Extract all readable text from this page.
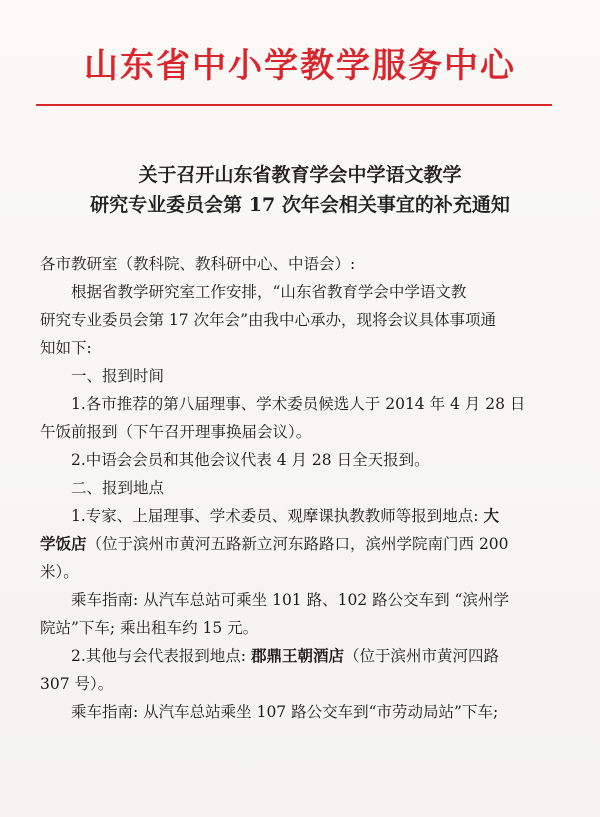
山东省中小学教学服务中心
关于召开山东省教育学会中学语文教学
研究专业委员会第 17 次年会相关事宜的补充通知

各市教研室（教科院、教科研中心、中语会）:

根据省教学研究室工作安排，“山东省教育学会中学语文教

研究专业委员会第 17 次年会”由我中心承办，现将会议具体事项通

知如下:

一、报到时间

1.各市推荐的第八届理事、学术委员候选人于 2014 年 4 月 28 日

午饭前报到（下午召开理事换届会议）。

2.中语会会员和其他会议代表 4 月 28 日全天报到。

二、报到地点

1.专家、上届理事、学术委员、观摩课执教教师等报到地点: 大

学饭店（位于滨州市黄河五路新立河东路路口，滨州学院南门西 200

米）。

乘车指南: 从汽车总站可乘坐 101 路、102 路公交车到 “滨州学

院站”下车; 乘出租车约 15 元。

2.其他与会代表报到地点: 郡鼎王朝酒店（位于滨州市黄河四路

307 号）。

乘车指南: 从汽车总站乘坐 107 路公交车到“市劳动局站”下车;
